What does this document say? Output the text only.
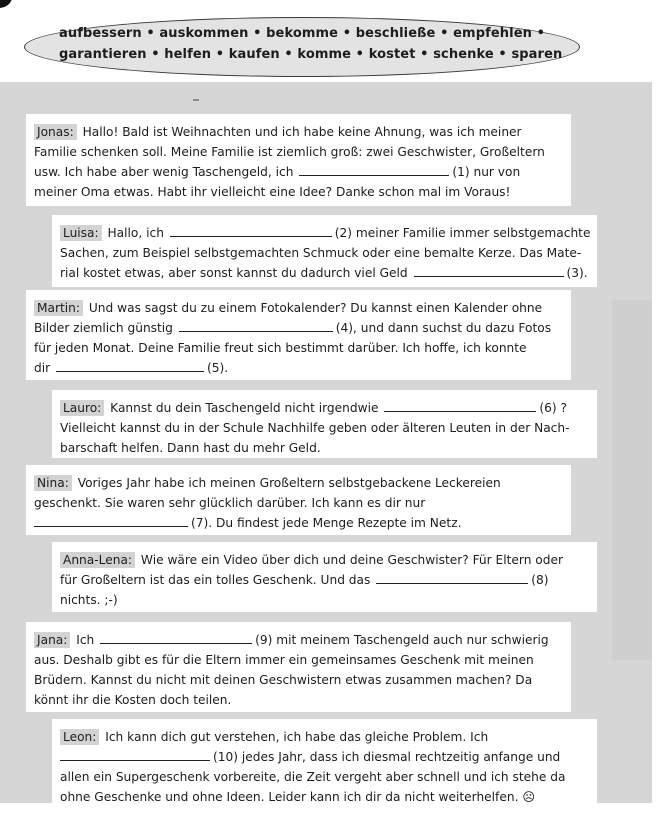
aufbessern • auskommen • bekomme • beschließe • empfehlen •
garantieren • helfen • kaufen • komme • kostet • schenke • sparen
Jonas: Hallo! Bald ist Weihnachten und ich habe keine Ahnung, was ich meiner
Familie schenken soll. Meine Familie ist ziemlich groß: zwei Geschwister, Großeltern
usw. Ich habe aber wenig Taschengeld, ich	(1) nur von
meiner Oma etwas. Habt ihr vielleicht eine Idee? Danke schon mal im Voraus!
Luisa: Hallo, ich	(2) meiner Familie immer selbstgemachte
Sachen, zum Beispiel selbstgemachten Schmuck oder eine bemalte Kerze. Das Mate-
rial kostet etwas, aber sonst kannst du dadurch viel Geld	(3).
Martin: Und was sagst du zu einem Fotokalender? Du kannst einen Kalender ohne
Bilder ziemlich günstig	(4), und dann suchst du dazu Fotos
für jeden Monat. Deine Familie freut sich bestimmt darüber. Ich hoffe, ich konnte
dir	(5).
Lauro: Kannst du dein Taschengeld nicht irgendwie	(6) ?
Vielleicht kannst du in der Schule Nachhilfe geben oder älteren Leuten in der Nach-
barschaft helfen. Dann hast du mehr Geld.
Nina: Voriges Jahr habe ich meinen Großeltern selbstgebackene Leckereien
geschenkt. Sie waren sehr glücklich darüber. Ich kann es dir nur
(7). Du findest jede Menge Rezepte im Netz.
Anna-Lena: Wie wäre ein Video über dich und deine Geschwister? Für Eltern oder
für Großeltern ist das ein tolles Geschenk. Und das	(8)
nichts. ;-)
Jana: Ich	(9) mit meinem Taschengeld auch nur schwierig
aus. Deshalb gibt es für die Eltern immer ein gemeinsames Geschenk mit meinen
Brüdern. Kannst du nicht mit deinen Geschwistern etwas zusammen machen? Da
könnt ihr die Kosten doch teilen.
Leon: Ich kann dich gut verstehen, ich habe das gleiche Problem. Ich
(10) jedes Jahr, dass ich diesmal rechtzeitig anfange und
allen ein Supergeschenk vorbereite, die Zeit vergeht aber schnell und ich stehe da
ohne Geschenke und ohne Ideen. Leider kann ich dir da nicht weiterhelfen. ☹
